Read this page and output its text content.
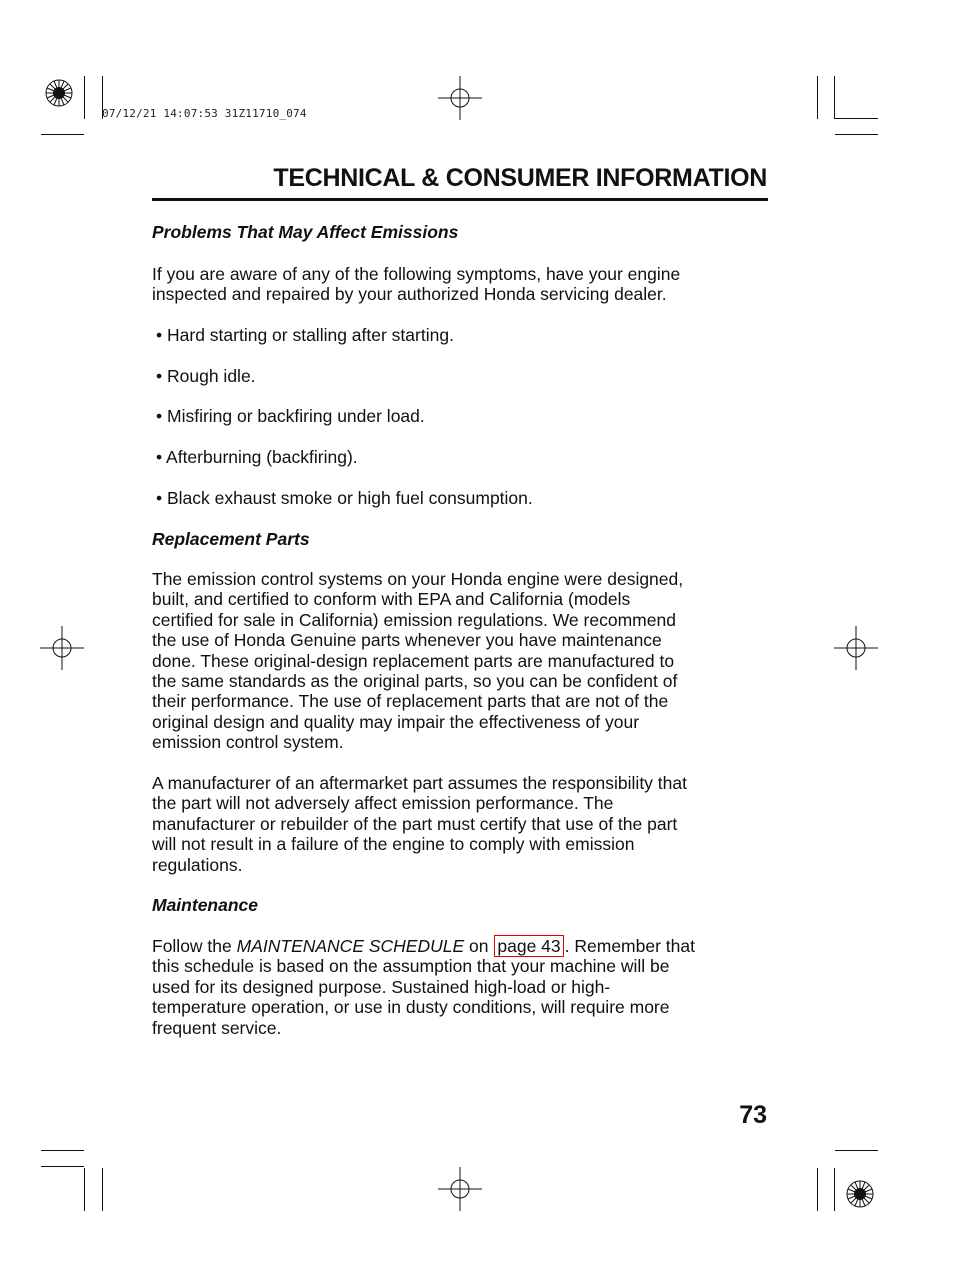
07/12/21 14:07:53 31Z11710_074
TECHNICAL & CONSUMER INFORMATION
Problems That May Affect Emissions
If you are aware of any of the following symptoms, have your engine
inspected and repaired by your authorized Honda servicing dealer.
• Hard starting or stalling after starting.
• Rough idle.
• Misfiring or backfiring under load.
• Afterburning (backfiring).
• Black exhaust smoke or high fuel consumption.
Replacement Parts
The emission control systems on your Honda engine were designed,
built, and certified to conform with EPA and California (models
certified for sale in California) emission regulations. We recommend
the use of Honda Genuine parts whenever you have maintenance
done. These original-design replacement parts are manufactured to
the same standards as the original parts, so you can be confident of
their performance. The use of replacement parts that are not of the
original design and quality may impair the effectiveness of your
emission control system.
A manufacturer of an aftermarket part assumes the responsibility that
the part will not adversely affect emission performance. The
manufacturer or rebuilder of the part must certify that use of the part
will not result in a failure of the engine to comply with emission
regulations.
Maintenance
Follow the MAINTENANCE SCHEDULE on page 43 . Remember that
this schedule is based on the assumption that your machine will be
used for its designed purpose. Sustained high-load or high-
temperature operation, or use in dusty conditions, will require more
frequent service.
73
